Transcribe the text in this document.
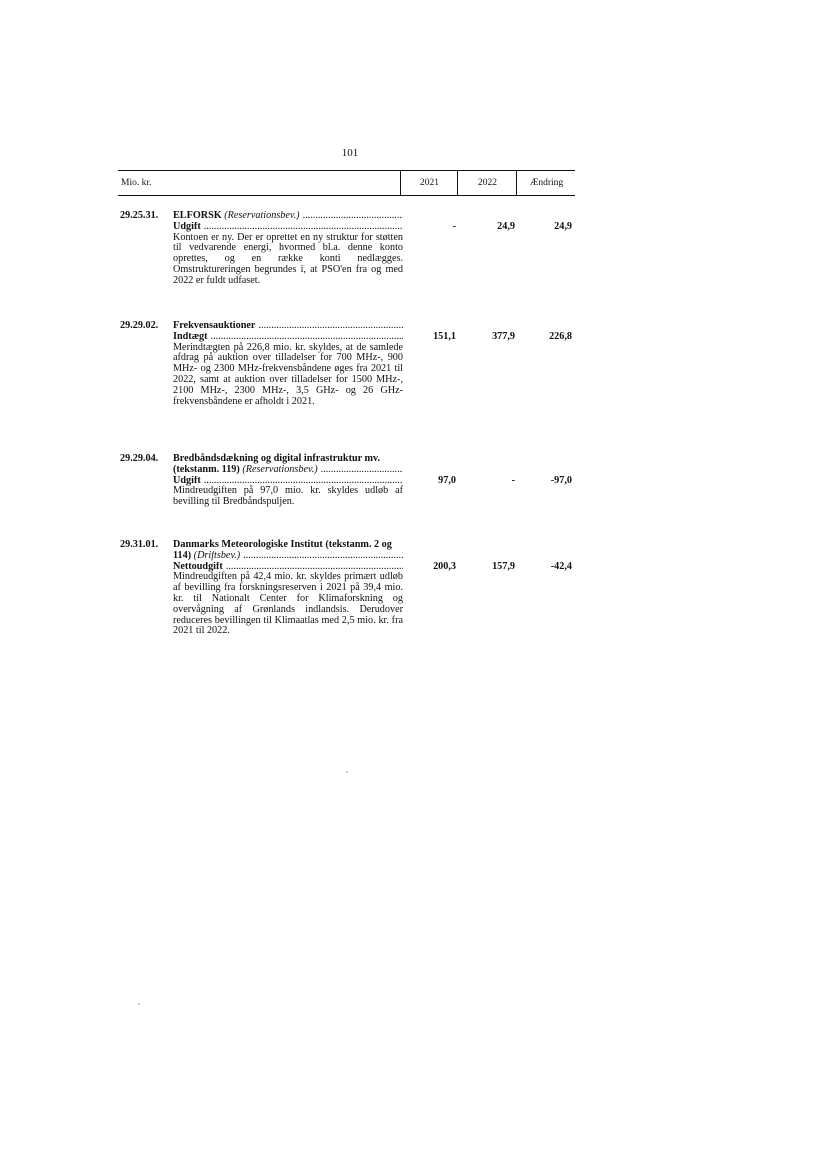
101
Mio. kr.	2021	2022	Ændring
29.25.31. ELFORSK
(Reservationsbev.)
.....
Udgift
.....
Kontoen er ny. Der er oprettet en ny struktur for støtten til vedvarende energi, hvormed bl.a. denne konto oprettes, og en række konti nedlægges. Omstruktureringen begrundes i, at PSO'en fra og med 2022 er fuldt udfaset.
-	24,9	24,9
29.29.02. Frekvensauktioner
.....
Indtægt
.....
Merindtægten på 226,8 mio. kr. skyldes, at de samlede afdrag på auktion over tilladelser for 700 MHz-, 900 MHz- og 2300 MHz-frekvensbåndene øges fra 2021 til 2022, samt at auktion over tilladelser for 1500 MHz-, 2100 MHz-, 2300 MHz-, 3,5 GHz- og 26 GHz-frekvensbåndene er afholdt i 2021.
151,1	377,9	226,8
29.29.04. Bredbåndsdækning og digital infrastruktur mv.
(tekstanm. 119)
(Reservationsbev.)
.....
Udgift
.....
Mindreudgiften på 97,0 mio. kr. skyldes udløb af bevilling til Bredbåndspuljen.
97,0	-	-97,0
29.31.01. Danmarks Meteorologiske Institut (tekstanm. 2 og
114)
(Driftsbev.)
.....
Nettoudgift
.....
Mindreudgiften på 42,4 mio. kr. skyldes primært udløb af bevilling fra forskningsreserven i 2021 på 39,4 mio. kr. til Nationalt Center for Klimaforskning og overvågning af Grønlands indlandsis. Derudover reduceres bevillingen til Klimaatlas med 2,5 mio. kr. fra 2021 til 2022.
200,3	157,9	-42,4
